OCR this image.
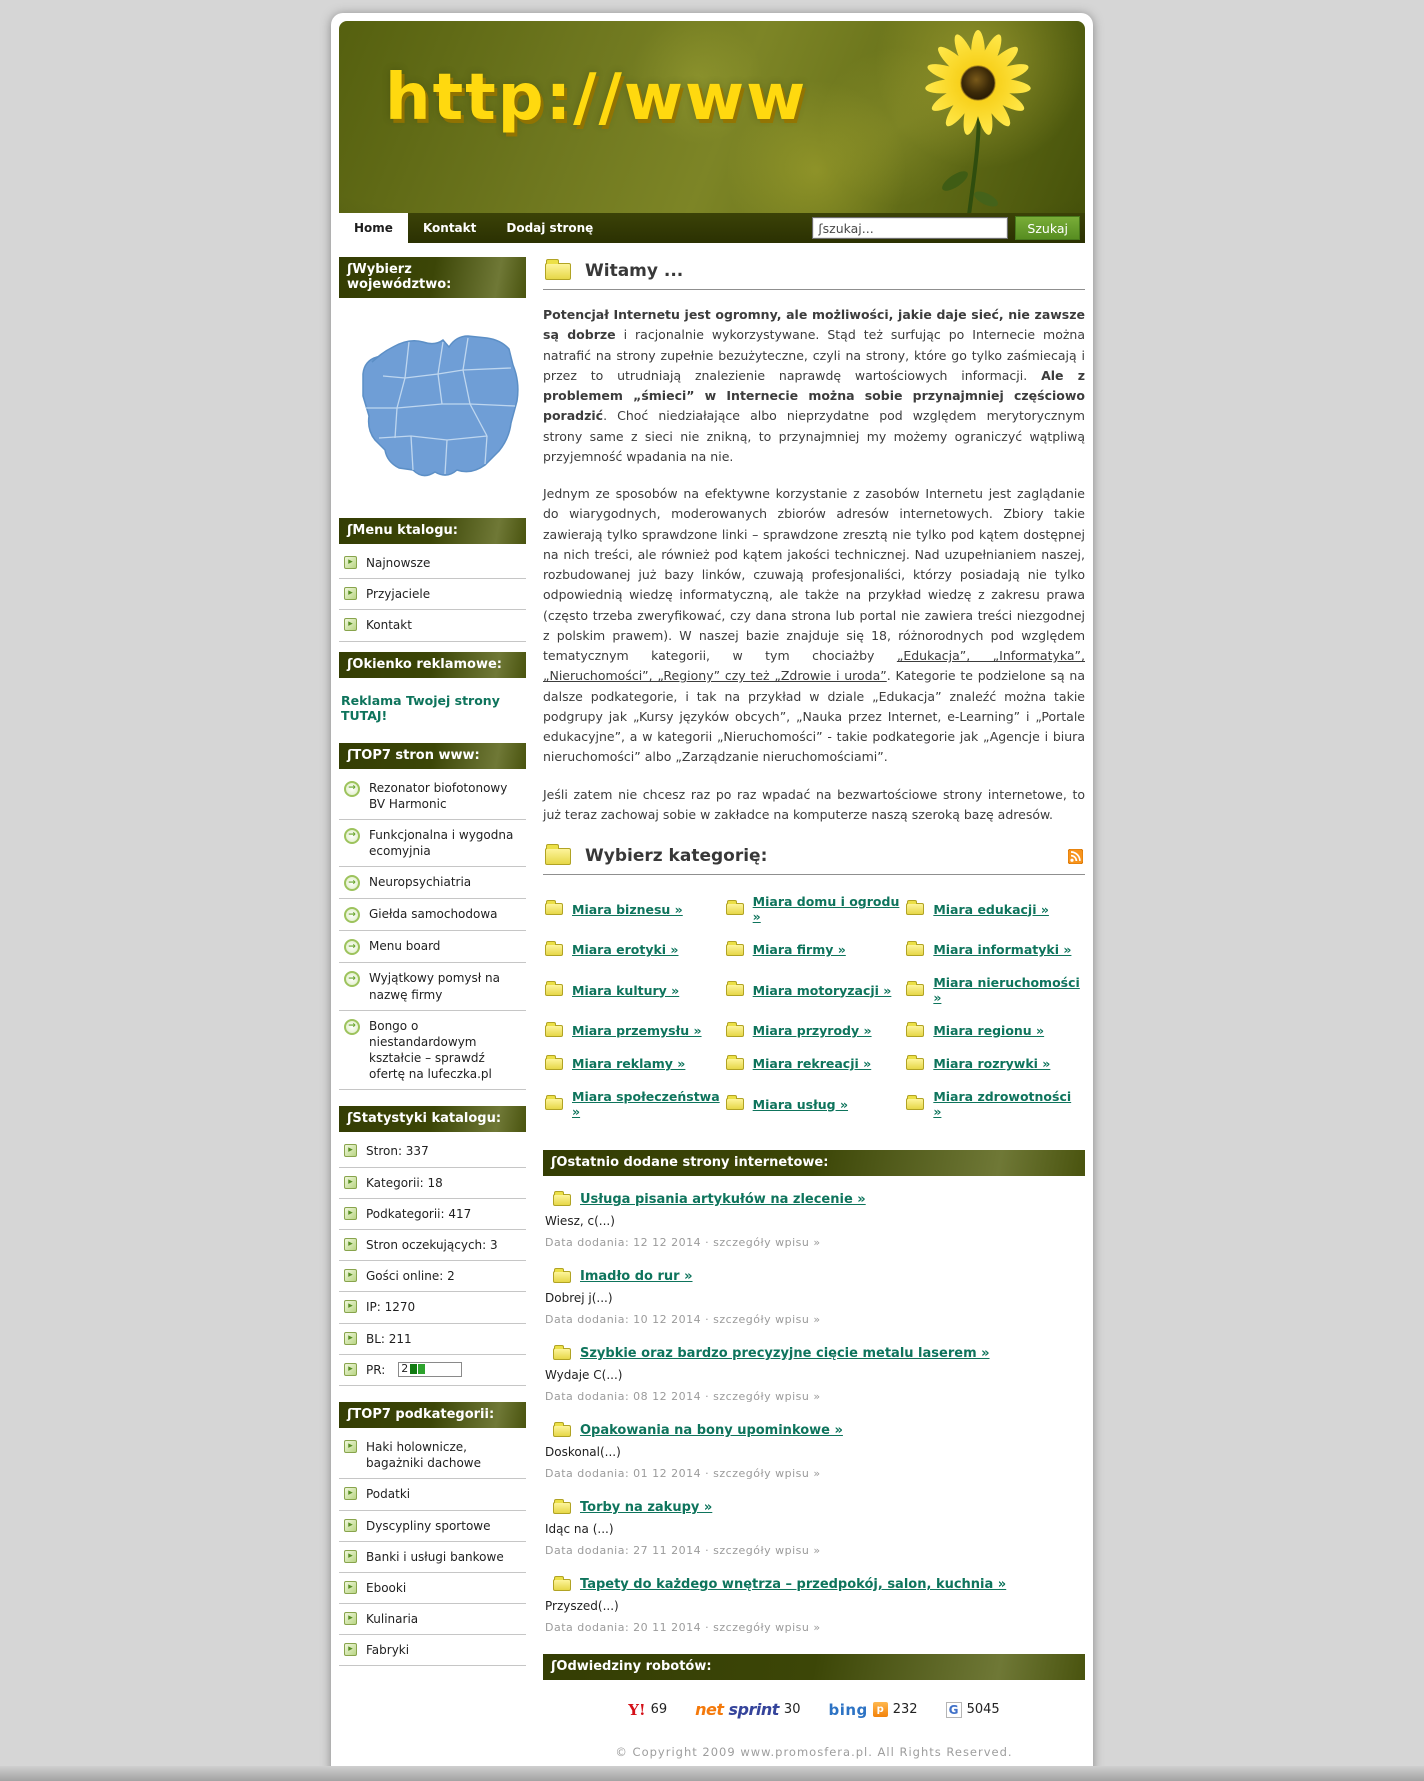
http://www
Home	Kontakt	Dodaj stronę
ʃszukaj...	Szukaj
ʃWybierz województwo:
ʃMenu ktalogu:
▸
Najnowsze
▸
Przyjaciele
▸
Kontakt
ʃOkienko reklamowe:
Reklama Twojej strony TUTAJ!
ʃTOP7 stron www:
→
Rezonator biofotonowy BV Harmonic
→
Funkcjonalna i wygodna ecomyjnia
→
Neuropsychiatria
→
Giełda samochodowa
→
Menu board
→
Wyjątkowy pomysł na nazwę firmy
→
Bongo o niestandardowym kształcie – sprawdź ofertę na lufeczka.pl
ʃStatystyki katalogu:
▸
Stron: 337
▸
Kategorii: 18
▸
Podkategorii: 417
▸
Stron oczekujących: 3
▸
Gości online: 2
▸
IP: 1270
▸
BL: 211
▸
PR: 2
ʃTOP7 podkategorii:
▸
Haki holownicze, bagażniki dachowe
▸
Podatki
▸
Dyscypliny sportowe
▸
Banki i usługi bankowe
▸
Ebooki
▸
Kulinaria
▸
Fabryki
Witamy ...

Potencjał Internetu jest ogromny, ale możliwości, jakie daje sieć, nie zawsze są dobrze i racjonalnie wykorzystywane. Stąd też surfując po Internecie można natrafić na strony zupełnie bezużyteczne, czyli na strony, które go tylko zaśmiecają i przez to utrudniają znalezienie naprawdę wartościowych informacji. Ale z problemem „śmieci” w Internecie można sobie przynajmniej częściowo poradzić. Choć niedziałające albo nieprzydatne pod względem merytorycznym strony same z sieci nie znikną, to przynajmniej my możemy ograniczyć wątpliwą przyjemność wpadania na nie.

Jednym ze sposobów na efektywne korzystanie z zasobów Internetu jest zaglądanie do wiarygodnych, moderowanych zbiorów adresów internetowych. Zbiory takie zawierają tylko sprawdzone linki – sprawdzone zresztą nie tylko pod kątem dostępnej na nich treści, ale również pod kątem jakości technicznej. Nad uzupełnianiem naszej, rozbudowanej już bazy linków, czuwają profesjonaliści, którzy posiadają nie tylko odpowiednią wiedzę informatyczną, ale także na przykład wiedzę z zakresu prawa (często trzeba zweryfikować, czy dana strona lub portal nie zawiera treści niezgodnej z polskim prawem). W naszej bazie znajduje się 18, różnorodnych pod względem tematycznym kategorii, w tym chociażby „Edukacja”, „Informatyka”, „Nieruchomości”, „Regiony” czy też „Zdrowie i uroda”. Kategorie te podzielone są na dalsze podkategorie, i tak na przykład w dziale „Edukacja” znaleźć można takie podgrupy jak „Kursy języków obcych”, „Nauka przez Internet, e-Learning” i „Portale edukacyjne”, a w kategorii „Nieruchomości” - takie podkategorie jak „Agencje i biura nieruchomości” albo „Zarządzanie nieruchomościami”.

Jeśli zatem nie chcesz raz po raz wpadać na bezwartościowe strony internetowe, to już teraz zachowaj sobie w zakładce na komputerze naszą szeroką bazę adresów.

Wybierz kategorię:
Miara biznesu »	Miara domu i ogrodu »	Miara edukacji »
Miara erotyki »	Miara firmy »	Miara informatyki »
Miara kultury »	Miara motoryzacji »	Miara nieruchomości »
Miara przemysłu »	Miara przyrody »	Miara regionu »
Miara reklamy »	Miara rekreacji »	Miara rozrywki »
Miara społeczeństwa »	Miara usług »	Miara zdrowotności »
ʃOstatnio dodane strony internetowe:
Usługa pisania artykułów na zlecenie »
Wiesz, c(...)
Data dodania: 12 12 2014 · szczegóły wpisu »
Imadło do rur »
Dobrej j(...)
Data dodania: 10 12 2014 · szczegóły wpisu »
Szybkie oraz bardzo precyzyjne cięcie metalu laserem »
Wydaje C(...)
Data dodania: 08 12 2014 · szczegóły wpisu »
Opakowania na bony upominkowe »
Doskonal(...)
Data dodania: 01 12 2014 · szczegóły wpisu »
Torby na zakupy »
Idąc na (...)
Data dodania: 27 11 2014 · szczegóły wpisu »
Tapety do każdego wnętrza – przedpokój, salon, kuchnia »
Przyszed(...)
Data dodania: 20 11 2014 · szczegóły wpisu »
ʃOdwiedziny robotów:
Y! 69 net sprint 30 bing p 232	G 5045
© Copyright 2009 www.promosfera.pl. All Rights Reserved.
